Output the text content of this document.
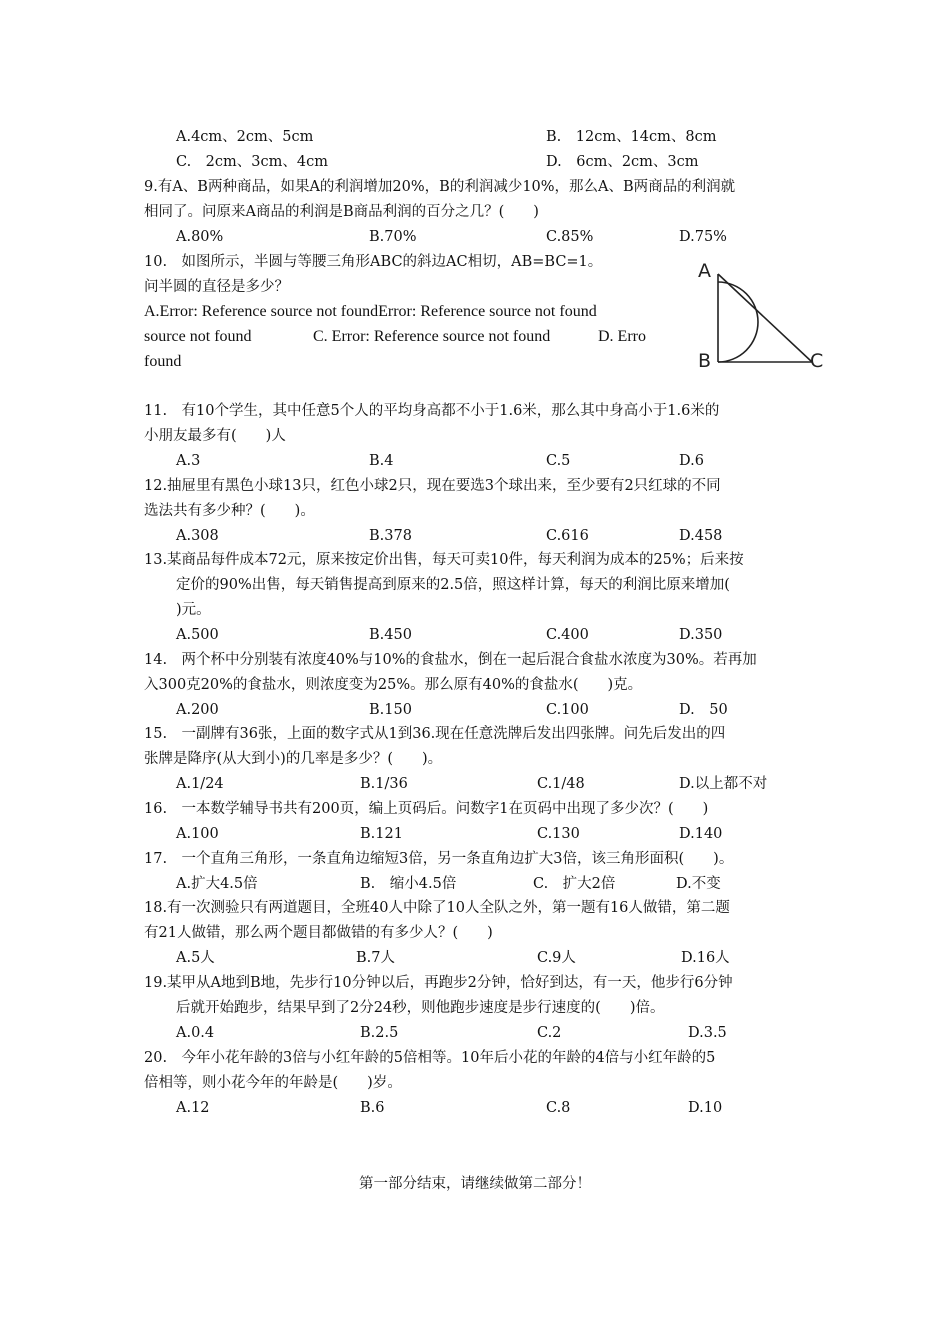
A.4cm、2cm、5cm	B.　12cm、14cm、8cm
C.　2cm、3cm、4cm	D.　6cm、2cm、3cm
9.有A、B两种商品，如果A的利润增加20%，B的利润减少10%，那么A、B两商品的利润就
相同了。问原来A商品的利润是B商品利润的百分之几？(　　)
A.80%	B.70%	C.85%	D.75%
10.　如图所示，半圆与等腰三角形ABC的斜边AC相切，AB=BC=1。
问半圆的直径是多少？
A.Error: Reference source not foundError: Reference source not found
source not found	C. Error: Reference source not found	D. Erro
found
A
B	C
11.　有10个学生，其中任意5个人的平均身高都不小于1.6米，那么其中身高小于1.6米的
小朋友最多有(　　)人
A.3	B.4	C.5	D.6
12.抽屉里有黑色小球13只，红色小球2只，现在要选3个球出来，至少要有2只红球的不同
选法共有多少种？(　　)。
A.308	B.378	C.616	D.458
13.某商品每件成本72元，原来按定价出售，每天可卖10件，每天利润为成本的25%；后来按
定价的90%出售，每天销售提高到原来的2.5倍，照这样计算，每天的利润比原来增加(
)元。
A.500	B.450	C.400	D.350
14.　两个杯中分别装有浓度40%与10%的食盐水，倒在一起后混合食盐水浓度为30%。若再加
入300克20%的食盐水，则浓度变为25%。那么原有40%的食盐水(　　)克。
A.200	B.150	C.100	D.　50
15.　一副牌有36张，上面的数字式从1到36.现在任意洗牌后发出四张牌。问先后发出的四
张牌是降序(从大到小)的几率是多少？(　　)。
A.1/24	B.1/36	C.1/48	D.以上都不对
16.　一本数学辅导书共有200页，编上页码后。问数字1在页码中出现了多少次？(　　)
A.100	B.121	C.130	D.140
17.　一个直角三角形，一条直角边缩短3倍，另一条直角边扩大3倍，该三角形面积(　　)。
A.扩大4.5倍	B.　缩小4.5倍	C.　扩大2倍	D.不变
18.有一次测验只有两道题目，全班40人中除了10人全队之外，第一题有16人做错，第二题
有21人做错，那么两个题目都做错的有多少人？(　　)
A.5人	B.7人	C.9人	D.16人
19.某甲从A地到B地，先步行10分钟以后，再跑步2分钟，恰好到达，有一天，他步行6分钟
后就开始跑步，结果早到了2分24秒，则他跑步速度是步行速度的(　　)倍。
A.0.4	B.2.5	C.2	D.3.5
20.　今年小花年龄的3倍与小红年龄的5倍相等。10年后小花的年龄的4倍与小红年龄的5
倍相等，则小花今年的年龄是(　　)岁。
A.12	B.6	C.8	D.10
第一部分结束，请继续做第二部分！
